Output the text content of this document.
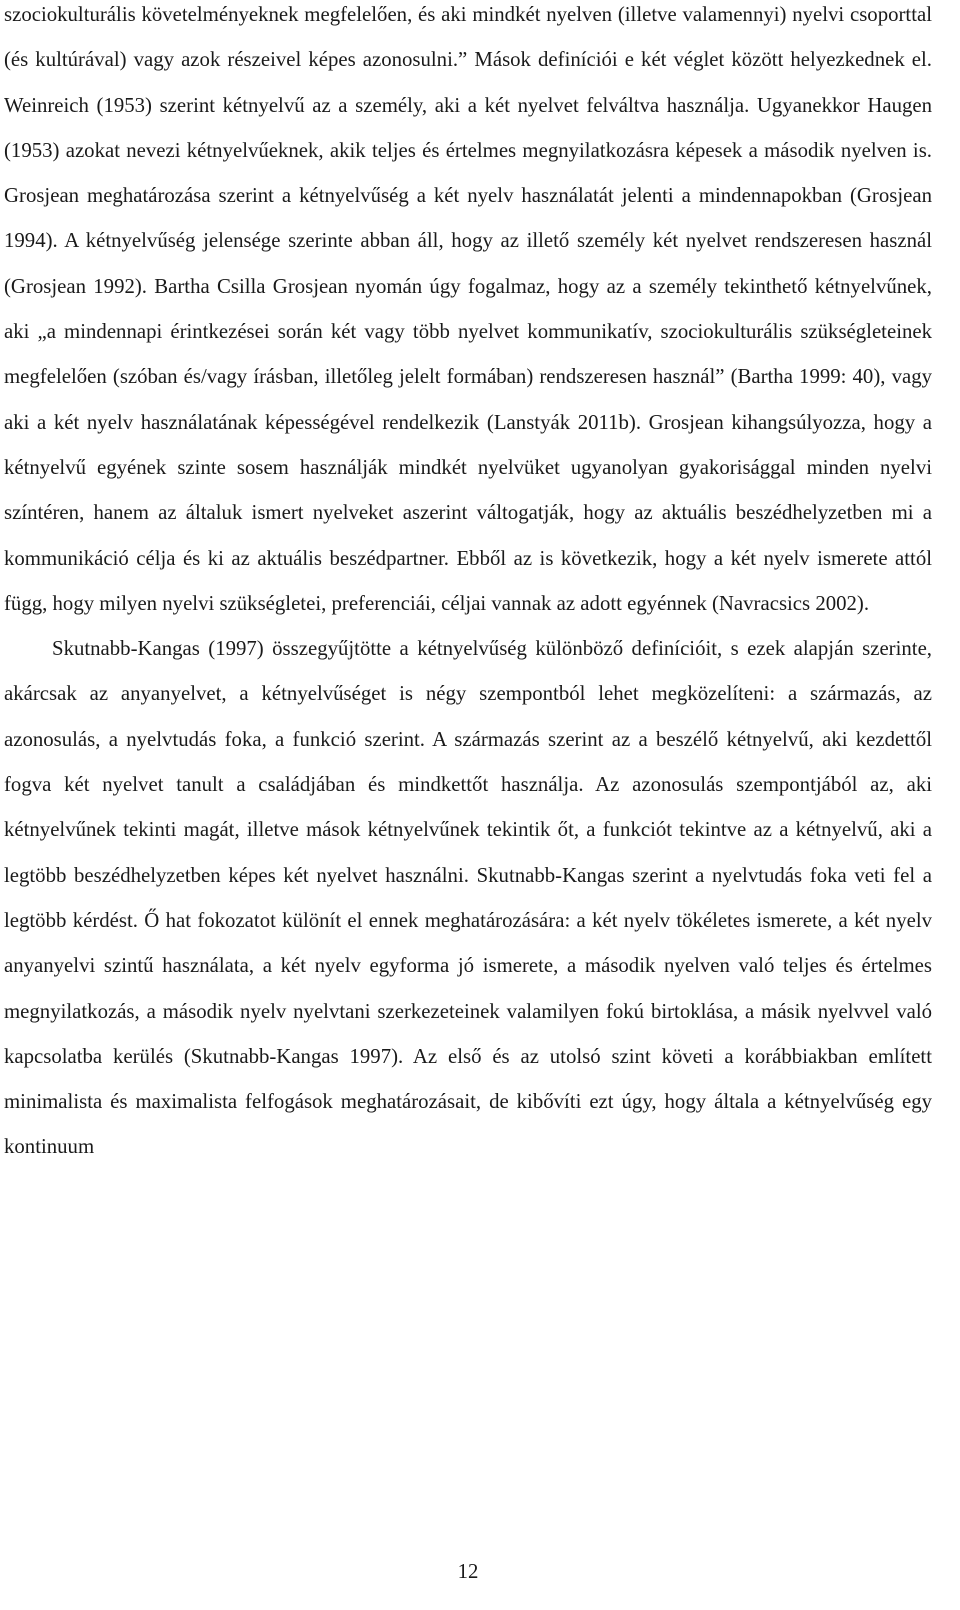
szociokulturális követelményeknek megfelelően, és aki mindkét nyelven (illetve valamennyi) nyelvi csoporttal (és kultúrával) vagy azok részeivel képes azonosulni.” Mások definíciói e két véglet között helyezkednek el. Weinreich (1953) szerint kétnyelvű az a személy, aki a két nyelvet felváltva használja. Ugyanekkor Haugen (1953) azokat nevezi kétnyelvűeknek, akik teljes és értelmes megnyilatkozásra képesek a második nyelven is. Grosjean meghatározása szerint a kétnyelvűség a két nyelv használatát jelenti a mindennapokban (Grosjean 1994). A kétnyelvűség jelensége szerinte abban áll, hogy az illető személy két nyelvet rendszeresen használ (Grosjean 1992). Bartha Csilla Grosjean nyomán úgy fogalmaz, hogy az a személy tekinthető kétnyelvűnek, aki „a mindennapi érintkezései során két vagy több nyelvet kommunikatív, szociokulturális szükségleteinek megfelelően (szóban és/vagy írásban, illetőleg jelelt formában) rendszeresen használ” (Bartha 1999: 40), vagy aki a két nyelv használatának képességével rendelkezik (Lanstyák 2011b). Grosjean kihangsúlyozza, hogy a kétnyelvű egyének szinte sosem használják mindkét nyelvüket ugyanolyan gyakorisággal minden nyelvi színtéren, hanem az általuk ismert nyelveket aszerint váltogatják, hogy az aktuális beszédhelyzetben mi a kommunikáció célja és ki az aktuális beszédpartner. Ebből az is következik, hogy a két nyelv ismerete attól függ, hogy milyen nyelvi szükségletei, preferenciái, céljai vannak az adott egyénnek (Navracsics 2002).

Skutnabb-Kangas (1997) összegyűjtötte a kétnyelvűség különböző definícióit, s ezek alapján szerinte, akárcsak az anyanyelvet, a kétnyelvűséget is négy szempontból lehet megközelíteni: a származás, az azonosulás, a nyelvtudás foka, a funkció szerint. A származás szerint az a beszélő kétnyelvű, aki kezdettől fogva két nyelvet tanult a családjában és mindkettőt használja. Az azonosulás szempontjából az, aki kétnyelvűnek tekinti magát, illetve mások kétnyelvűnek tekintik őt, a funkciót tekintve az a kétnyelvű, aki a legtöbb beszédhelyzetben képes két nyelvet használni. Skutnabb-Kangas szerint a nyelvtudás foka veti fel a legtöbb kérdést. Ő hat fokozatot különít el ennek meghatározására: a két nyelv tökéletes ismerete, a két nyelv anyanyelvi szintű használata, a két nyelv egyforma jó ismerete, a második nyelven való teljes és értelmes megnyilatkozás, a második nyelv nyelvtani szerkezeteinek valamilyen fokú birtoklása, a másik nyelvvel való kapcsolatba kerülés (Skutnabb-Kangas 1997). Az első és az utolsó szint követi a korábbiakban említett minimalista és maximalista felfogások meghatározásait, de kibővíti ezt úgy, hogy általa a kétnyelvűség egy kontinuum

12
